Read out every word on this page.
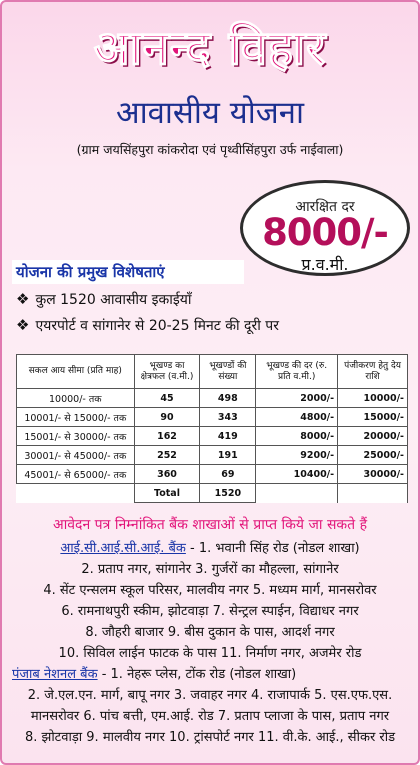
आनन्द विहार
आवासीय योजना
(ग्राम जयसिंहपुरा कांकरोदा एवं पृथ्वीसिंहपुरा उर्फ नाईवाला)
आरक्षित दर
8000/-
प्र.व.मी.
योजना की प्रमुख विशेषताएं
❖ कुल 1520 आवासीय इकाईयाँ
❖ एयरपोर्ट व सांगानेर से 20-25 मिनट की दूरी पर
सकल आय सीमा (प्रति माह)	भूखण्ड का क्षेत्रफल (व.मी.)	भूखण्डों की संख्या	भूखण्ड की दर (रु. प्रति व.मी.)	पंजीकरण हेतु देय राशि
10000/- तक	45	498	2000/-	10000/-
10001/- से 15000/- तक	90	343	4800/-	15000/-
15001/- से 30000/- तक	162	419	8000/-	20000/-
30001/- से 45000/- तक	252	191	9200/-	25000/-
45001/- से 65000/- तक	360	69	10400/-	30000/-
	Total	1520		
आवेदन पत्र निम्नांकित बैंक शाखाओं से प्राप्त किये जा सकते हैं
आई.सी.आई.सी.आई. बैंक - 1. भवानी सिंह रोड (नोडल शाखा)
2. प्रताप नगर, सांगानेर 3. गुर्जरों का मौहल्ला, सांगानेर
4. सेंट एन्सलम स्कूल परिसर, मालवीय नगर 5. मध्यम मार्ग, मानसरोवर
6. रामनाथपुरी स्कीम, झोटवाड़ा 7. सेन्ट्रल स्पाईन, विद्याधर नगर
8. जौहरी बाजार 9. बीस दुकान के पास, आदर्श नगर
10. सिविल लाईन फाटक के पास 11. निर्माण नगर, अजमेर रोड
पंजाब नेशनल बैंक - 1. नेहरू प्लेस, टोंक रोड (नोडल शाखा)
2. जे.एल.एन. मार्ग, बापू नगर 3. जवाहर नगर 4. राजापार्क 5. एस.एफ.एस.
मानसरोवर 6. पांच बत्ती, एम.आई. रोड 7. प्रताप प्लाजा के पास, प्रताप नगर
8. झोटवाड़ा 9. मालवीय नगर 10. ट्रांसपोर्ट नगर 11. वी.के. आई., सीकर रोड
